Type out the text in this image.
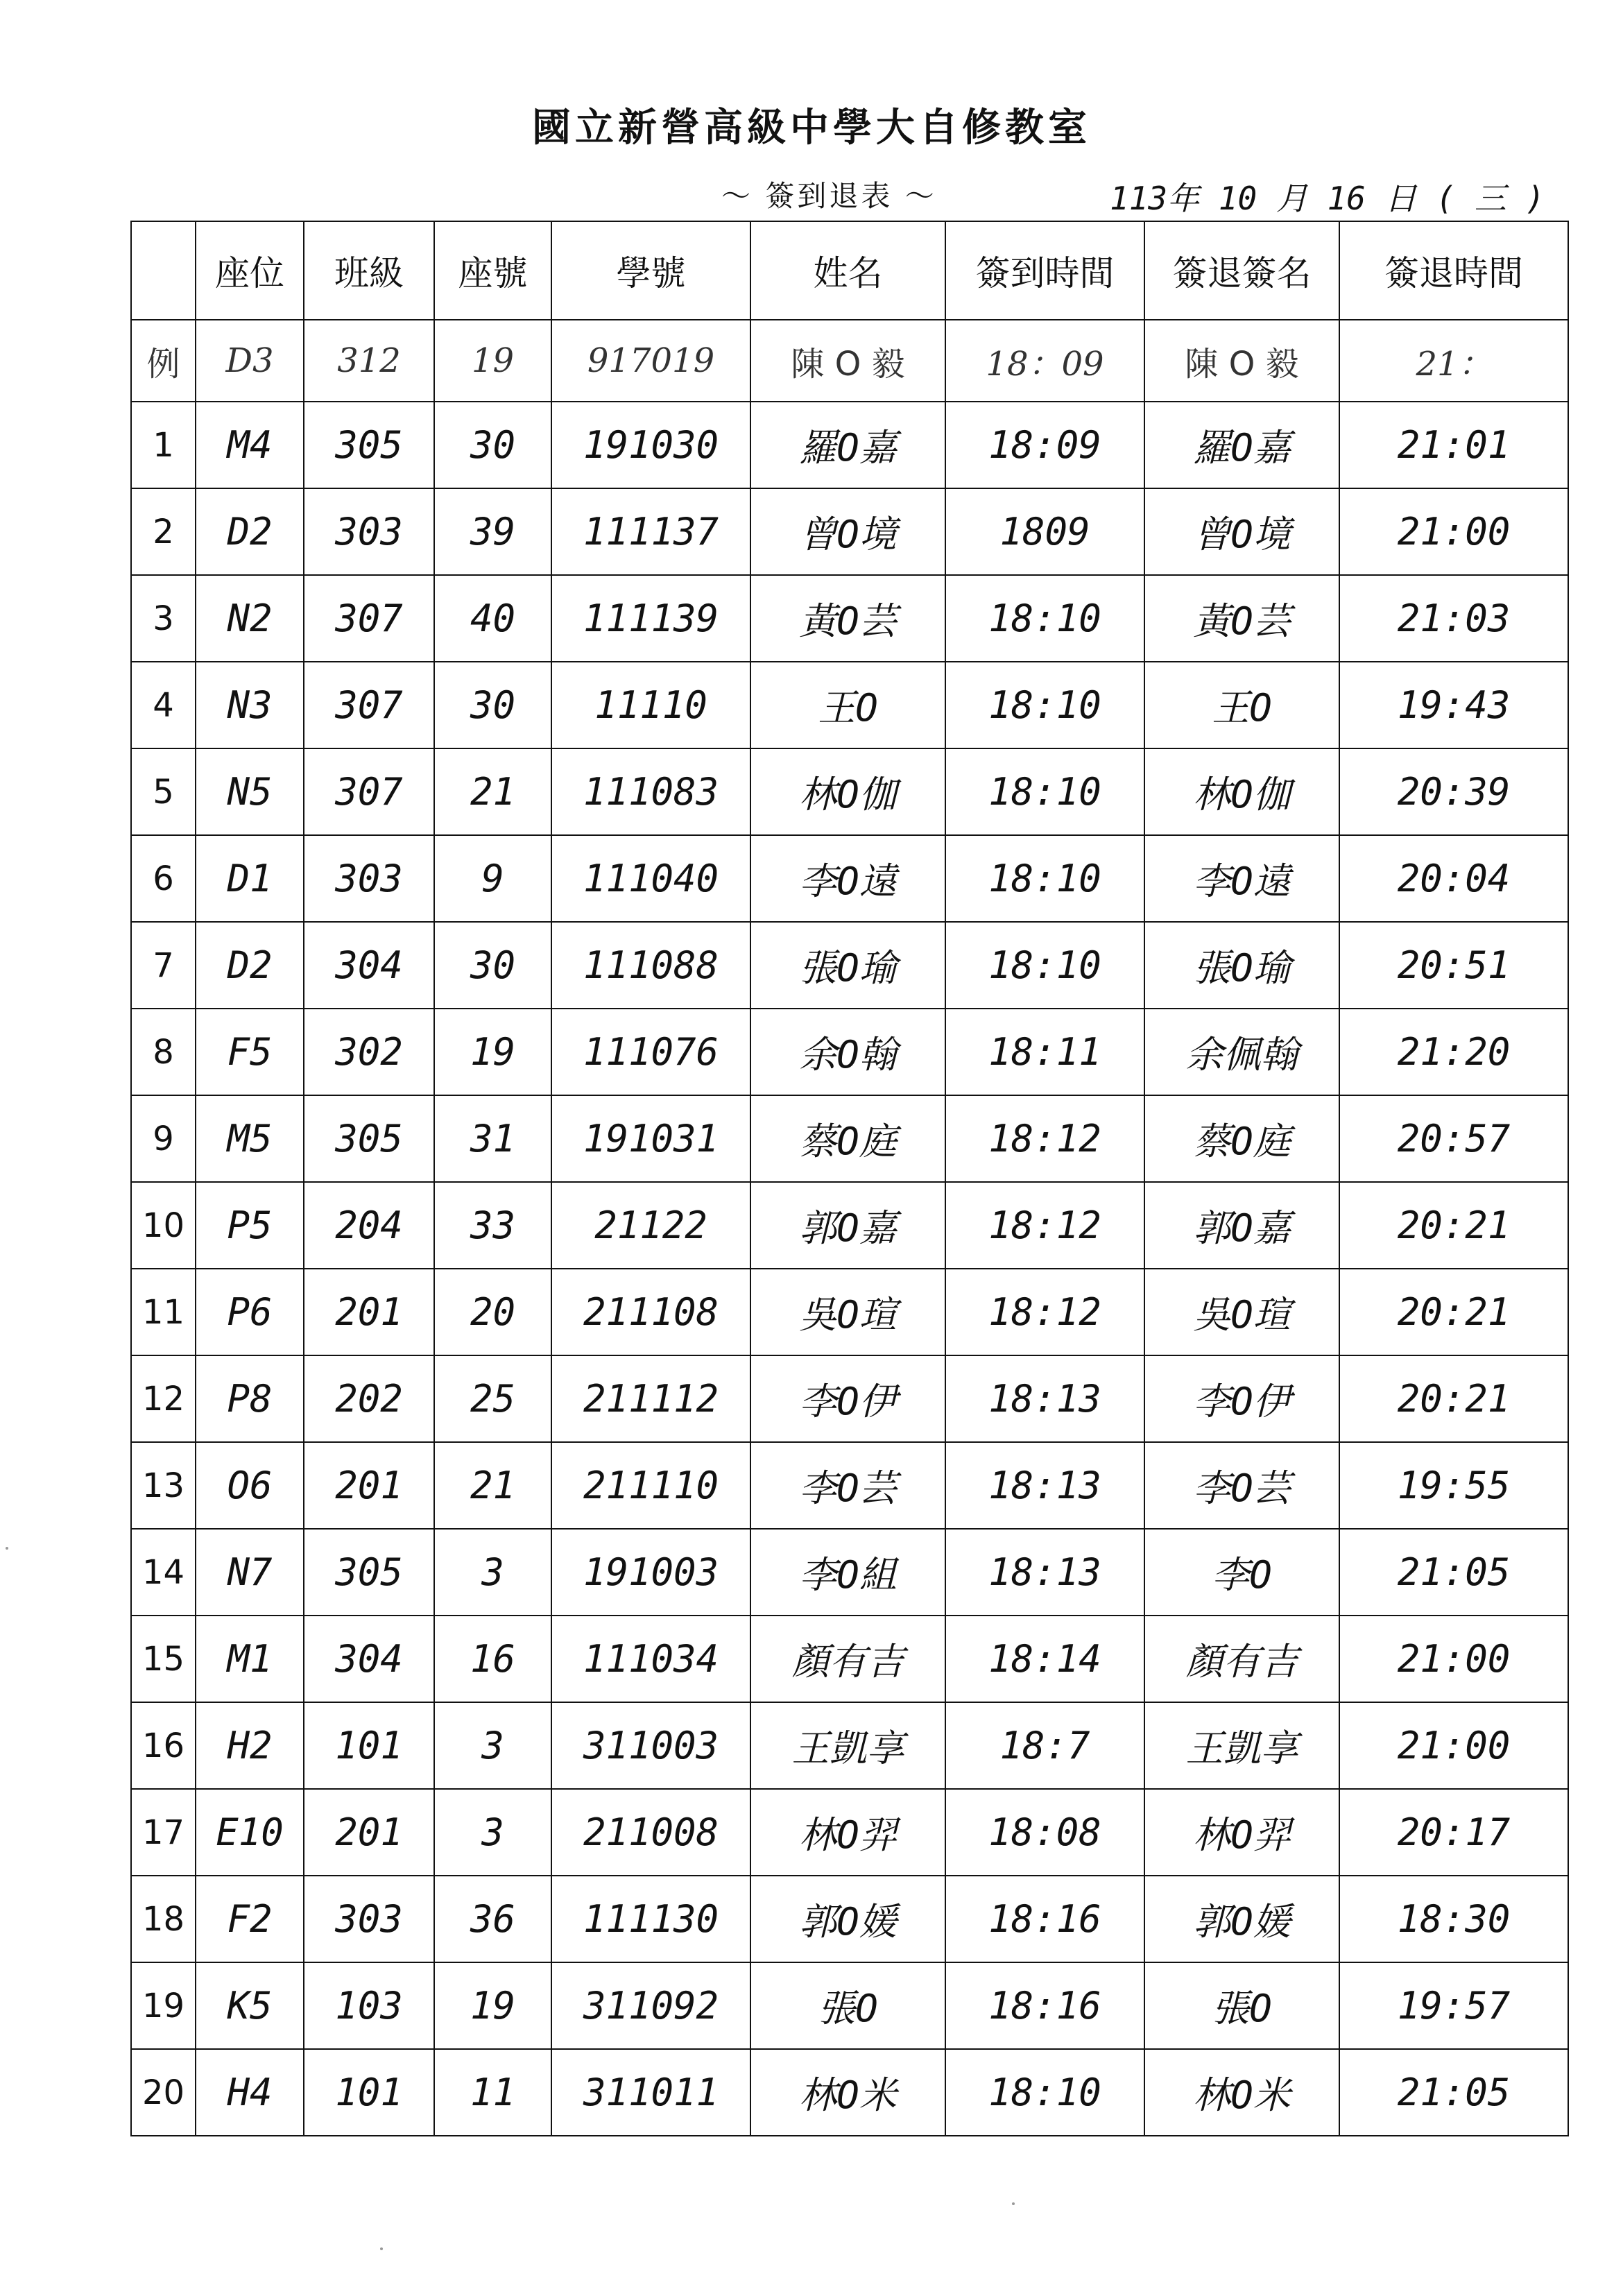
國立新營高級中學大自修教室
～ 簽到退表 ～	113年 10 月 16 日 ( 三 )
	座位	班級	座號	學號	姓名	簽到時間	簽退簽名	簽退時間
例	D3	312	19	917019	陳 O 毅	18：09	陳 O 毅	21：
1	M4	305	30	191030	羅O嘉	18:09	羅O嘉	21:01
2	D2	303	39	111137	曾O境	1809	曾O境	21:00
3	N2	307	40	111139	黃O芸	18:10	黃O芸	21:03
4	N3	307	30	11110	王O	18:10	王O	19:43
5	N5	307	21	111083	林O伽	18:10	林O伽	20:39
6	D1	303	9	111040	李O遠	18:10	李O遠	20:04
7	D2	304	30	111088	張O瑜	18:10	張O瑜	20:51
8	F5	302	19	111076	余O翰	18:11	余佩翰	21:20
9	M5	305	31	191031	蔡O庭	18:12	蔡O庭	20:57
10	P5	204	33	21122	郭O嘉	18:12	郭O嘉	20:21
11	P6	201	20	211108	吳O瑄	18:12	吳O瑄	20:21
12	P8	202	25	211112	李O伊	18:13	李O伊	20:21
13	O6	201	21	211110	李O芸	18:13	李O芸	19:55
14	N7	305	3	191003	李O組	18:13	李O	21:05
15	M1	304	16	111034	顏有吉	18:14	顏有吉	21:00
16	H2	101	3	311003	王凱享	18:7	王凱享	21:00
17	E10	201	3	211008	林O羿	18:08	林O羿	20:17
18	F2	303	36	111130	郭O媛	18:16	郭O媛	18:30
19	K5	103	19	311092	張O	18:16	張O	19:57
20	H4	101	11	311011	林O米	18:10	林O米	21:05
